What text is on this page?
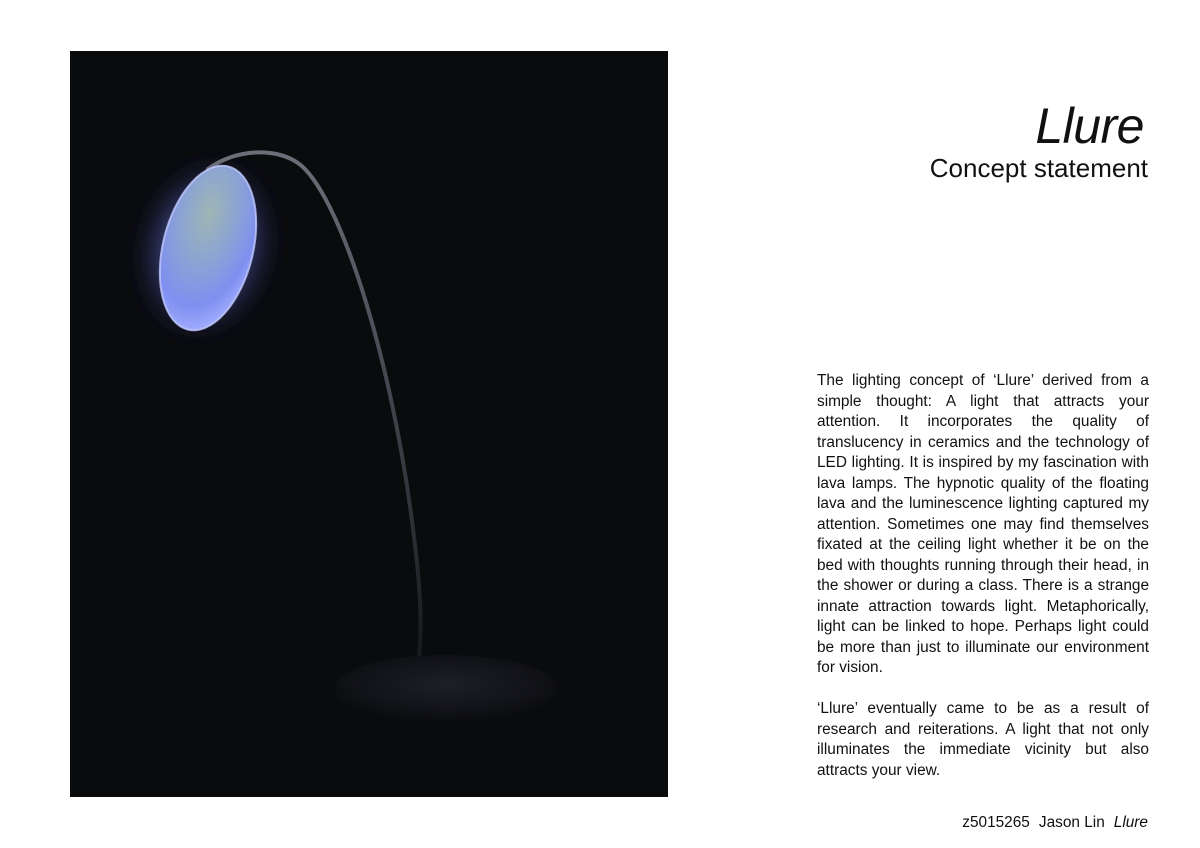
Llure
Concept statement

The lighting concept of ‘Llure’ derived from a simple thought: A light that attracts your attention. It incorporates the quality of translucency in ceramics and the technology of LED lighting. It is inspired by my fascination with lava lamps. The hypnotic quality of the floating lava and the luminescence lighting captured my attention. Sometimes one may find themselves fixated at the ceiling light whether it be on the bed with thoughts running through their head, in the shower or during a class. There is a strange innate attraction towards light. Metaphorically, light can be linked to hope. Perhaps light could be more than just to illuminate our environment for vision.

‘Llure’ eventually came to be as a result of research and reiterations. A light that not only illuminates the immediate vicinity but also attracts your view.

z5015265 Jason Lin Llure
